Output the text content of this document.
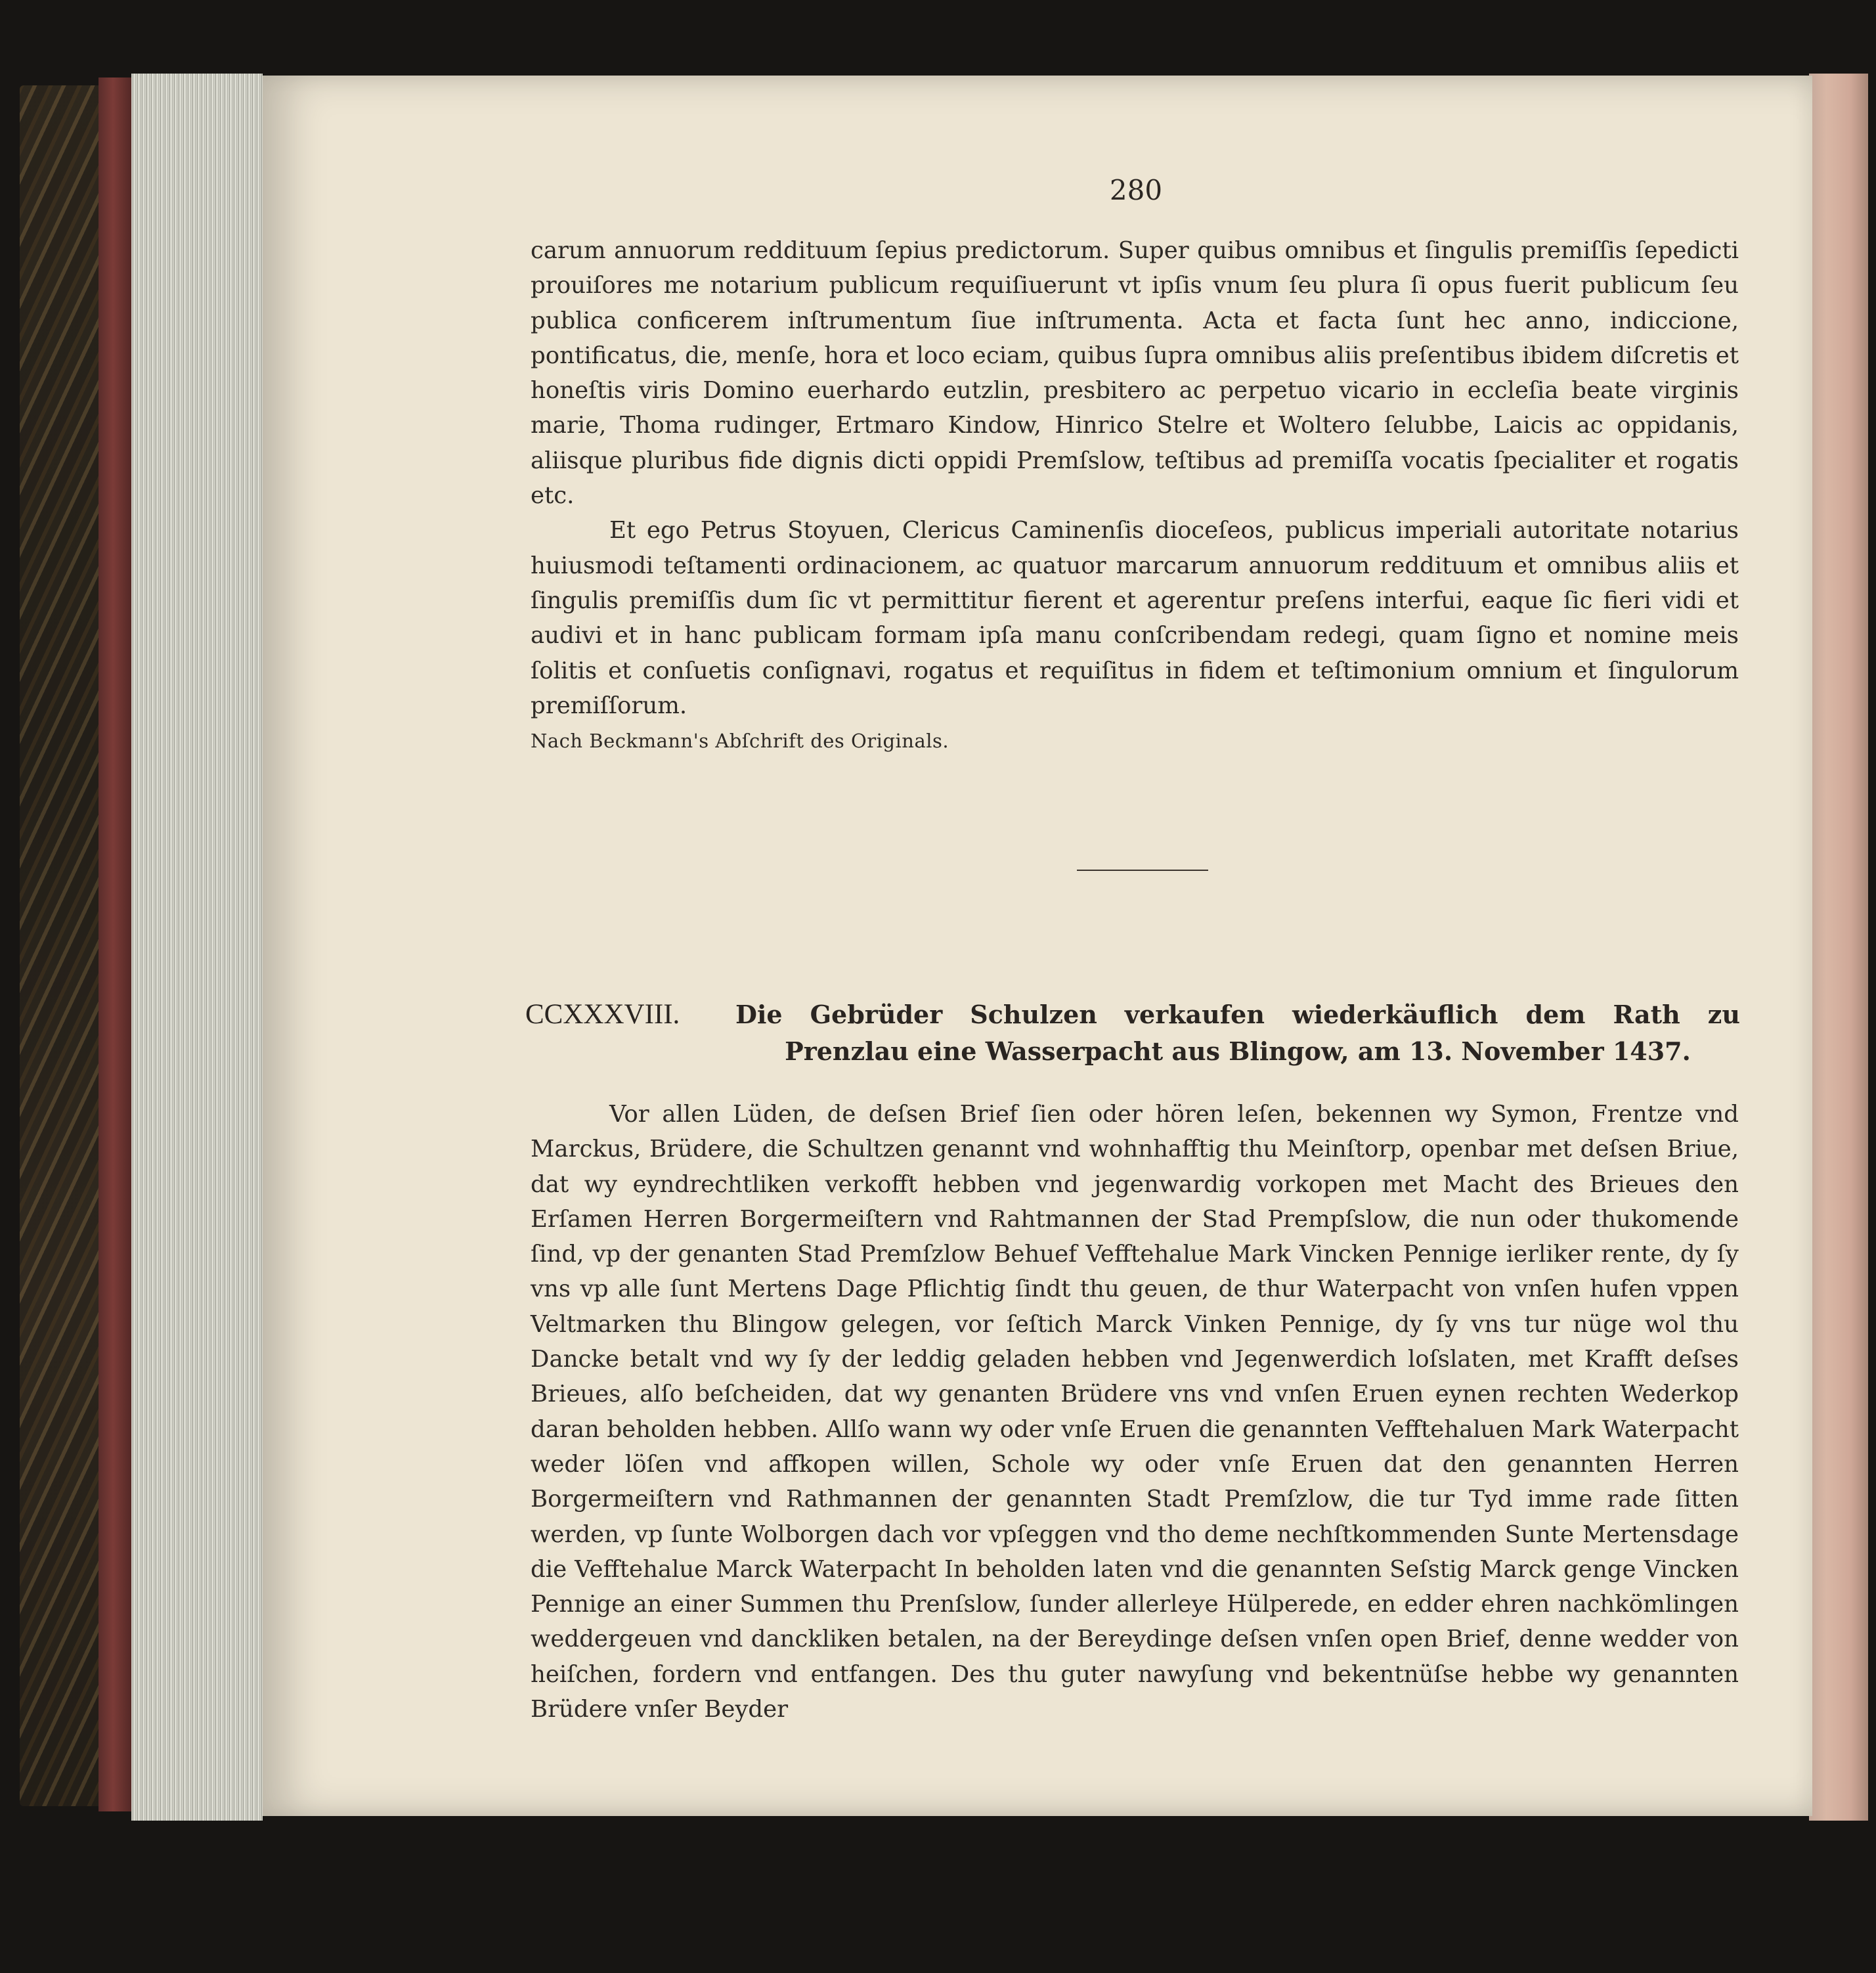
280

carum annuorum reddituum ſepius predictorum. Super quibus omnibus et ſingulis premiſſis ſepedicti prouiſores me notarium publicum requiſiuerunt vt ipſis vnum ſeu plura ſi opus fuerit publicum ſeu publica conficerem inſtrumentum ſiue inſtrumenta. Acta et facta ſunt hec anno, indiccione, pontificatus, die, menſe, hora et loco eciam, quibus ſupra omnibus aliis preſentibus ibidem diſcretis et honeſtis viris Domino euerhardo eutzlin, presbitero ac perpetuo vicario in eccleſia beate virginis marie, Thoma rudinger, Ertmaro Kindow, Hinrico Stelre et Woltero ſelubbe, Laicis ac oppidanis, aliisque pluribus fide dignis dicti oppidi Premſslow, teſtibus ad premiſſa vocatis ſpecialiter et rogatis etc.

Et ego Petrus Stoyuen, Clericus Caminenſis dioceſeos, publicus imperiali autoritate notarius huiusmodi teſtamenti ordinacionem, ac quatuor marcarum annuorum reddituum et omnibus aliis et ſingulis premiſſis dum ſic vt permittitur fierent et agerentur preſens interfui, eaque ſic fieri vidi et audivi et in hanc publicam formam ipſa manu conſcribendam redegi, quam ſigno et nomine meis ſolitis et conſuetis conſignavi, rogatus et requiſitus in fidem et teſtimonium omnium et ſingulorum premiſſorum.

Nach Beckmann's Abſchrift des Originals.

CCXXXVIII.	Die Gebrüder Schulzen verkaufen wiederkäuflich dem Rath zu Prenzlau eine Wasserpacht aus Blingow, am 13. November 1437.

Vor allen Lüden, de deſsen Brief ſien oder hören leſen, bekennen wy Symon, Frentze vnd Marckus, Brüdere, die Schultzen genannt vnd wohnhafftig thu Meinſtorp, openbar met deſsen Briue, dat wy eyndrechtliken verkofft hebben vnd jegenwardig vorkopen met Macht des Brieues den Erſamen Herren Borgermeiſtern vnd Rahtmannen der Stad Prempſslow, die nun oder thukomende ſind, vp der genanten Stad Premſzlow Behuef Vefftehalue Mark Vincken Pennige ierliker rente, dy ſy vns vp alle ſunt Mertens Dage Pflichtig ſindt thu geuen, de thur Waterpacht von vnſen hufen vppen Veltmarken thu Blingow gelegen, vor ſeſtich Marck Vinken Pennige, dy ſy vns tur nüge wol thu Dancke betalt vnd wy ſy der leddig geladen hebben vnd Jegenwerdich loſslaten, met Krafft deſses Brieues, alſo beſcheiden, dat wy genanten Brüdere vns vnd vnſen Eruen eynen rechten Wederkop daran beholden hebben. Allſo wann wy oder vnſe Eruen die genannten Vefftehaluen Mark Waterpacht weder löſen vnd affkopen willen, Schole wy oder vnſe Eruen dat den genannten Herren Borgermeiſtern vnd Rathmannen der genannten Stadt Premſzlow, die tur Tyd imme rade ſitten werden, vp ſunte Wolborgen dach vor vpſeggen vnd tho deme nechſtkommenden Sunte Mertensdage die Vefftehalue Marck Waterpacht In beholden laten vnd die genannten Seſstig Marck genge Vincken Pennige an einer Summen thu Prenſslow, ſunder allerleye Hülperede, en edder ehren nachkömlingen weddergeuen vnd danckliken betalen, na der Bereydinge deſsen vnſen open Brief, denne wedder von heiſchen, fordern vnd entfangen. Des thu guter nawyſung vnd bekentnüſse hebbe wy genannten Brüdere vnſer Beyder
